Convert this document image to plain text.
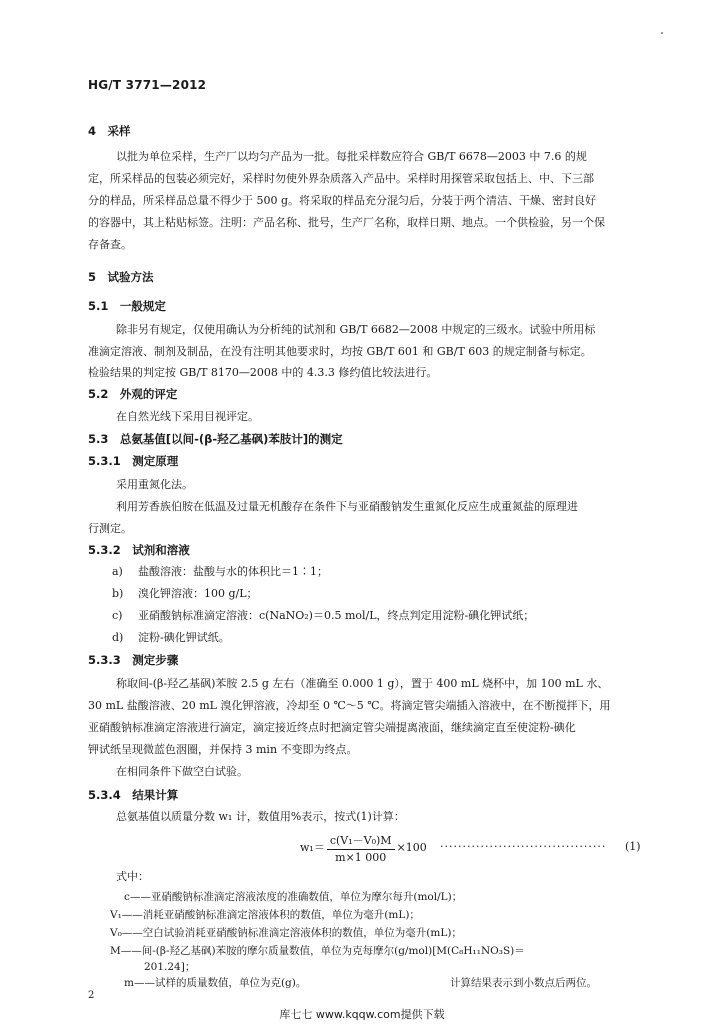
HG/T 3771—2012
4　采样
以批为单位采样，生产厂以均匀产品为一批。每批采样数应符合 GB/T 6678—2003 中 7.6 的规
定，所采样品的包装必须完好，采样时勿使外界杂质落入产品中。采样时用探管采取包括上、中、下三部
分的样品，所采样品总量不得少于 500 g。将采取的样品充分混匀后，分装于两个清洁、干燥、密封良好
的容器中，其上粘贴标签。注明：产品名称、批号，生产厂名称，取样日期、地点。一个供检验，另一个保
存备查。
5　试验方法
5.1　一般规定
除非另有规定，仅使用确认为分析纯的试剂和 GB/T 6682—2008 中规定的三级水。试验中所用标
准滴定溶液、制剂及制品，在没有注明其他要求时，均按 GB/T 601 和 GB/T 603 的规定制备与标定。
检验结果的判定按 GB/T 8170—2008 中的 4.3.3 修约值比较法进行。
5.2　外观的评定
在自然光线下采用目视评定。
5.3　总氨基值[以间-(β-羟乙基砜)苯肢计]的测定
5.3.1　测定原理
采用重氮化法。
利用芳香族伯胺在低温及过量无机酸存在条件下与亚硝酸钠发生重氮化反应生成重氮盐的原理进
行测定。
5.3.2　试剂和溶液
a) 盐酸溶液：盐酸与水的体积比＝1∶1；
b) 溴化钾溶液：100 g/L；
c) 亚硝酸钠标准滴定溶液：c(NaNO₂)＝0.5 mol/L，终点判定用淀粉-碘化钾试纸；
d) 淀粉-碘化钾试纸。
5.3.3　测定步骤
称取间-(β-羟乙基砜)苯胺 2.5 g 左右（准确至 0.000 1 g），置于 400 mL 烧杯中，加 100 mL 水、
30 mL 盐酸溶液、20 mL 溴化钾溶液，冷却至 0 ℃～5 ℃。将滴定管尖端插入溶液中，在不断搅拌下，用
亚硝酸钠标准滴定溶液进行滴定，滴定接近终点时把滴定管尖端提离液面，继续滴定直至使淀粉-碘化
钾试纸呈现微蓝色洇圈，并保持 3 min 不变即为终点。
在相同条件下做空白试验。
5.3.4　结果计算
总氨基值以质量分数 w₁ 计，数值用%表示，按式(1)计算：
$w_1= \frac{\text{c(V₁－V₀)M}}{m\times 1 000} \times 100$ ····································· (1)
式中：
c——亚硝酸钠标准滴定溶液浓度的准确数值，单位为摩尔每升(mol/L)；
V₁——消耗亚硝酸钠标准滴定溶液体积的数值，单位为毫升(mL)；
V₀——空白试验消耗亚硝酸钠标准滴定溶液体积的数值，单位为毫升(mL)；
M——间-(β-羟乙基砜)苯胺的摩尔质量数值，单位为克每摩尔(g/mol)[M(C₈H₁₁NO₃S)＝
201.24]；
m——试样的质量数值，单位为克(g)。	计算结果表示到小数点后两位。
2
库七七 www.kqqw.com提供下载
